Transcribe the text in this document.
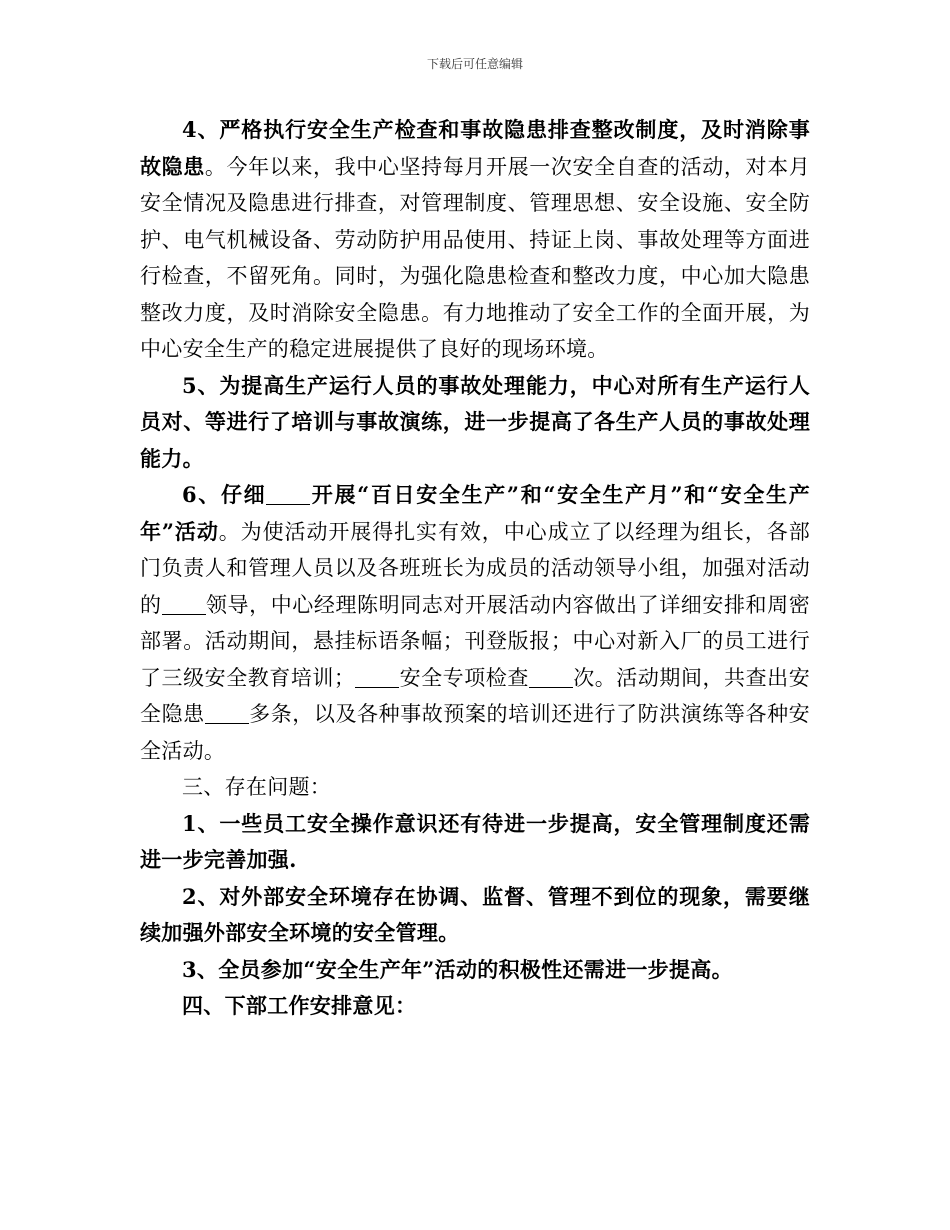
下载后可任意编辑

4、严格执行安全生产检查和事故隐患排查整改制度，及时消除事故隐患。今年以来，我中心坚持每月开展一次安全自查的活动，对本月安全情况及隐患进行排查，对管理制度、管理思想、安全设施、安全防护、电气机械设备、劳动防护用品使用、持证上岗、事故处理等方面进行检查，不留死角。同时，为强化隐患检查和整改力度，中心加大隐患整改力度，及时消除安全隐患。有力地推动了安全工作的全面开展，为中心安全生产的稳定进展提供了良好的现场环境。

5、为提高生产运行人员的事故处理能力，中心对所有生产运行人员对、等进行了培训与事故演练，进一步提高了各生产人员的事故处理能力。

6、仔细 开展“百日安全生产”和“安全生产月”和“安全生产年”活动。为使活动开展得扎实有效，中心成立了以经理为组长，各部门负责人和管理人员以及各班班长为成员的活动领导小组，加强对活动的 领导，中心经理陈明同志对开展活动内容做出了详细安排和周密部署。活动期间，悬挂标语条幅；刊登版报；中心对新入厂的员工进行了三级安全教育培训； 安全专项检查 次。活动期间，共查出安全隐患 多条，以及各种事故预案的培训还进行了防洪演练等各种安全活动。

三、存在问题：

1、一些员工安全操作意识还有待进一步提高，安全管理制度还需进一步完善加强.

2、对外部安全环境存在协调、监督、管理不到位的现象，需要继续加强外部安全环境的安全管理。

3、全员参加“安全生产年”活动的积极性还需进一步提高。

四、下部工作安排意见：
